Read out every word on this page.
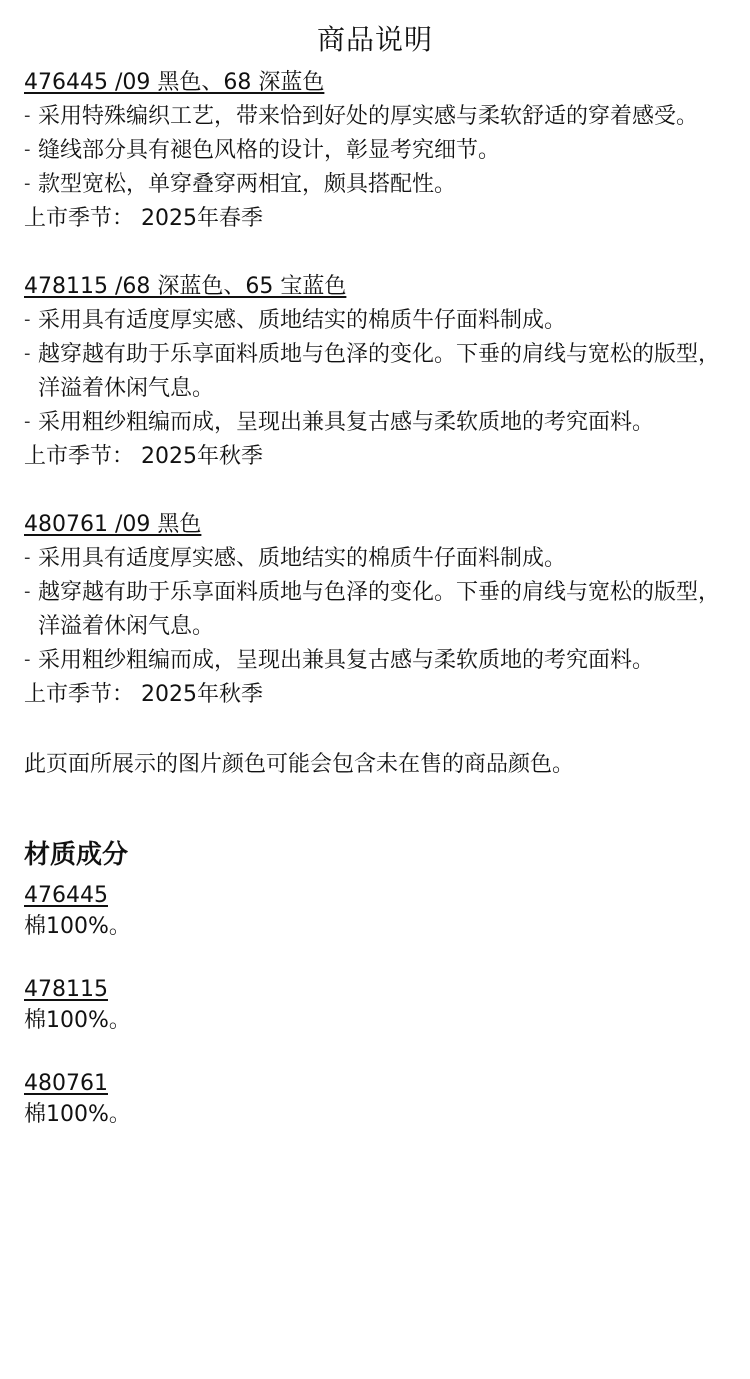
商品说明
476445 /09 黑色、68 深蓝色
- 采用特殊编织工艺，带来恰到好处的厚实感与柔软舒适的穿着感受。
- 缝线部分具有褪色风格的设计，彰显考究细节。
- 款型宽松，单穿叠穿两相宜，颇具搭配性。

上市季节： 2025年春季

478115 /68 深蓝色、65 宝蓝色
- 采用具有适度厚实感、质地结实的棉质牛仔面料制成。
- 越穿越有助于乐享面料质地与色泽的变化。下垂的肩线与宽松的版型，洋溢着休闲气息。
- 采用粗纱粗编而成，呈现出兼具复古感与柔软质地的考究面料。

上市季节： 2025年秋季

480761 /09 黑色
- 采用具有适度厚实感、质地结实的棉质牛仔面料制成。
- 越穿越有助于乐享面料质地与色泽的变化。下垂的肩线与宽松的版型，洋溢着休闲气息。
- 采用粗纱粗编而成，呈现出兼具复古感与柔软质地的考究面料。

上市季节： 2025年秋季

此页面所展示的图片颜色可能会包含未在售的商品颜色。

材质成分
476445
棉100%。
478115
棉100%。
480761
棉100%。
